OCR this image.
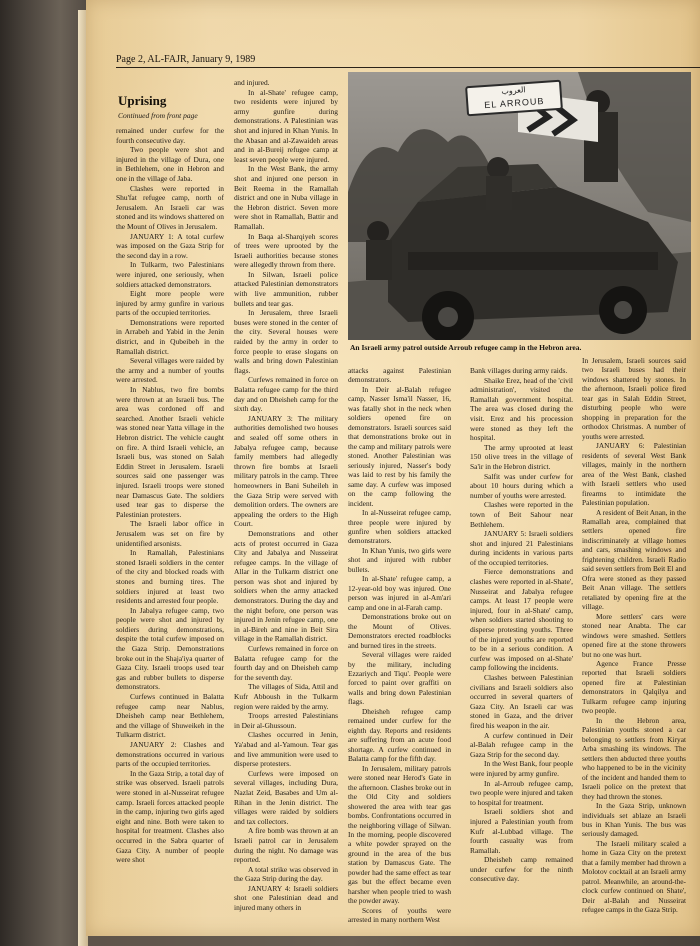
Page 2, AL-FAJR, January 9, 1989
Uprising
Continued from front page

remained under curfew for the fourth consecutive day.

Two people were shot and injured in the village of Dura, one in Bethlehem, one in Hebron and one in the village of Jaba.

Clashes were reported in Shu'fat refugee camp, north of Jerusalem. An Israeli car was stoned and its windows shattered on the Mount of Olives in Jerusalem.

JANUARY 1: A total curfew was imposed on the Gaza Strip for the second day in a row.

In Tulkarm, two Palestinians were injured, one seriously, when soldiers attacked demonstrators.

Eight more people were injured by army gunfire in various parts of the occupied territories.

Demonstrations were reported in Arrabeh and Yabid in the Jenin district, and in Qubeibeh in the Ramallah district.

Several villages were raided by the army and a number of youths were arrested.

In Nablus, two fire bombs were thrown at an Israeli bus. The area was cordoned off and searched. Another Israeli vehicle was stoned near Yatta village in the Hebron district. The vehicle caught on fire. A third Israeli vehicle, an Israeli bus, was stoned on Salah Eddin Street in Jerusalem. Israeli sources said one passenger was injured. Israeli troops were stoned near Damascus Gate. The soldiers used tear gas to disperse the Palestinian protesters.

The Israeli labor office in Jerusalem was set on fire by unidentified arsonists.

In Ramallah, Palestinians stoned Israeli soldiers in the center of the city and blocked roads with stones and burning tires. The soldiers injured at least two residents and arrested four people.

In Jabalya refugee camp, two people were shot and injured by soldiers during demonstrations, despite the total curfew imposed on the Gaza Strip. Demonstrations broke out in the Shaja'iya quarter of Gaza City. Israeli troops used tear gas and rubber bullets to disperse demonstrators.

Curfews continued in Balatta refugee camp near Nablus, Dheisheh camp near Bethlehem, and the village of Shuweikeh in the Tulkarm district.

JANUARY 2: Clashes and demonstrations occurred in various parts of the occupied territories.

In the Gaza Strip, a total day of strike was observed. Israeli patrols were stoned in al-Nusseirat refugee camp. Israeli forces attacked people in the camp, injuring two girls aged eight and nine. Both were taken to hospital for treatment. Clashes also occurred in the Sabra quarter of Gaza City. A number of people were shot

and injured.

In al-Shate' refugee camp, two residents were injured by army gunfire during demonstrations. A Palestinian was shot and injured in Khan Yunis. In the Abasan and al-Zawaideh areas and in al-Bureij refugee camp at least seven people were injured.

In the West Bank, the army shot and injured one person in Beit Reema in the Ramallah district and one in Nuba village in the Hebron district. Seven more were shot in Ramallah, Battir and Ramallah.

In Baqa al-Sharqiyeh scores of trees were uprooted by the Israeli authorities because stones were allegedly thrown from there.

In Silwan, Israeli police attacked Palestinian demonstrators with live ammunition, rubber bullets and tear gas.

In Jerusalem, three Israeli buses were stoned in the center of the city. Several houses were raided by the army in order to force people to erase slogans on walls and bring down Palestinian flags.

Curfews remained in force on Balatta refugee camp for the third day and on Dheisheh camp for the sixth day.

JANUARY 3: The military authorities demolished two houses and sealed off some others in Jabalya refugee camp, because family members had allegedly thrown fire bombs at Israeli military patrols in the camp. Three homeowners in Bani Suheileh in the Gaza Strip were served with demolition orders. The owners are appealing the orders to the High Court.

Demonstrations and other acts of protest occurred in Gaza City and Jabalya and Nusseirat refugee camps. In the village of Allar in the Tulkarm district one person was shot and injured by soldiers when the army attacked demonstrators. During the day and the night before, one person was injured in Jenin refugee camp, one in al-Bireh and nine in Beit Sira village in the Ramallah district.

Curfews remained in force on Balatta refugee camp for the fourth day and on Dheisheh camp for the seventh day.

The villages of Sida, Attil and Kufr Abboush in the Tulkarm region were raided by the army.

Troops arrested Palestinians in Deir al-Ghussoun.

Clashes occurred in Jenin, Ya'abad and al-Yamoun. Tear gas and live ammunition were used to disperse protesters.

Curfews were imposed on several villages, including Dura, Nazlat Zeid, Basabes and Um al-Rihan in the Jenin district. The villages were raided by soldiers and tax collectors.

A fire bomb was thrown at an Israeli patrol car in Jerusalem during the night. No damage was reported.

A total strike was observed in the Gaza Strip during the day.

JANUARY 4: Israeli soldiers shot one Palestinian dead and injured many others in

العروب
EL ARROUB
An Israeli army patrol outside Arroub refugee camp in the Hebron area.

attacks against Palestinian demonstrators.

In Deir al-Balah refugee camp, Nasser Isma'il Nasser, 16, was fatally shot in the neck when soldiers opened fire on demonstrators. Israeli sources said that demonstrations broke out in the camp and military patrols were stoned. Another Palestinian was seriously injured, Nasser's body was laid to rest by his family the same day. A curfew was imposed on the camp following the incident.

In al-Nusseirat refugee camp, three people were injured by gunfire when soldiers attacked demonstrators.

In Khan Yunis, two girls were shot and injured with rubber bullets.

In al-Shate' refugee camp, a 12-year-old boy was injured. One person was injured in al-Am'ari camp and one in al-Farah camp.

Demonstrations broke out on the Mount of Olives. Demonstrators erected roadblocks and burned tires in the streets.

Several villages were raided by the military, including Ezzariych and Tiqu'. People were forced to paint over graffiti on walls and bring down Palestinian flags.

Dheisheh refugee camp remained under curfew for the eighth day. Reports and residents are suffering from an acute food shortage. A curfew continued in Balatta camp for the fifth day.

In Jerusalem, military patrols were stoned near Herod's Gate in the afternoon. Clashes broke out in the Old City and soldiers showered the area with tear gas bombs. Confrontations occurred in the neighboring village of Silwan. In the morning, people discovered a white powder sprayed on the ground in the area of the bus station by Damascus Gate. The powder had the same effect as tear gas but the effect became even harsher when people tried to wash the powder away.

Scores of youths were arrested in many northern West

Bank villages during army raids.

Shaike Erez, head of the 'civil administration', visited the Ramallah government hospital. The area was closed during the visit. Erez and his procession were stoned as they left the hospital.

The army uprooted at least 150 olive trees in the village of Sa'ir in the Hebron district.

Salfit was under curfew for about 10 hours during which a number of youths were arrested.

Clashes were reported in the town of Beit Sahour near Bethlehem.

JANUARY 5: Israeli soldiers shot and injured 21 Palestinians during incidents in various parts of the occupied territories.

Fierce demonstrations and clashes were reported in al-Shate', Nusseirat and Jabalya refugee camps. At least 17 people were injured, four in al-Shate' camp, when soldiers started shooting to disperse protesting youths. Three of the injured youths are reported to be in a serious condition. A curfew was imposed on al-Shate' camp following the incidents.

Clashes between Palestinian civilians and Israeli soldiers also occurred in several quarters of Gaza City. An Israeli car was stoned in Gaza, and the driver fired his weapon in the air.

A curfew continued in Deir al-Balah refugee camp in the Gaza Strip for the second day.

In the West Bank, four people were injured by army gunfire.

In al-Arroub refugee camp, two people were injured and taken to hospital for treatment.

Israeli soldiers shot and injured a Palestinian youth from Kufr al-Lubbad village. The fourth casualty was from Ramallah.

Dheisheh camp remained under curfew for the ninth consecutive day.

In Jerusalem, Israeli sources said two Israeli buses had their windows shattered by stones. In the afternoon, Israeli police fired tear gas in Salah Eddin Street, disturbing people who were shopping in preparation for the orthodox Christmas. A number of youths were arrested.

JANUARY 6: Palestinian residents of several West Bank villages, mainly in the northern area of the West Bank, clashed with Israeli settlers who used firearms to intimidate the Palestinian population.

A resident of Beit Anan, in the Ramallah area, complained that settlers opened fire indiscriminately at village homes and cars, smashing windows and frightening children. Israeli Radio said seven settlers from Beit El and Ofra were stoned as they passed Beit Anan village. The settlers retaliated by opening fire at the village.

More settlers' cars were stoned near Anabta. The car windows were smashed. Settlers opened fire at the stone throwers but no one was hurt.

Agence France Presse reported that Israeli soldiers opened fire at Palestinian demonstrators in Qalqilya and Tulkarm refugee camp injuring two people.

In the Hebron area, Palestinian youths stoned a car belonging to settlers from Kiryat Arba smashing its windows. The settlers then abducted three youths who happened to be in the vicinity of the incident and handed them to Israeli police on the pretext that they had thrown the stones.

In the Gaza Strip, unknown individuals set ablaze an Israeli bus in Khan Yunis. The bus was seriously damaged.

The Israeli military scaled a home in Gaza City on the pretext that a family member had thrown a Molotov cocktail at an Israeli army patrol. Meanwhile, an around-the-clock curfew continued on Shate', Deir al-Balah and Nusseirat refugee camps in the Gaza Strip.
